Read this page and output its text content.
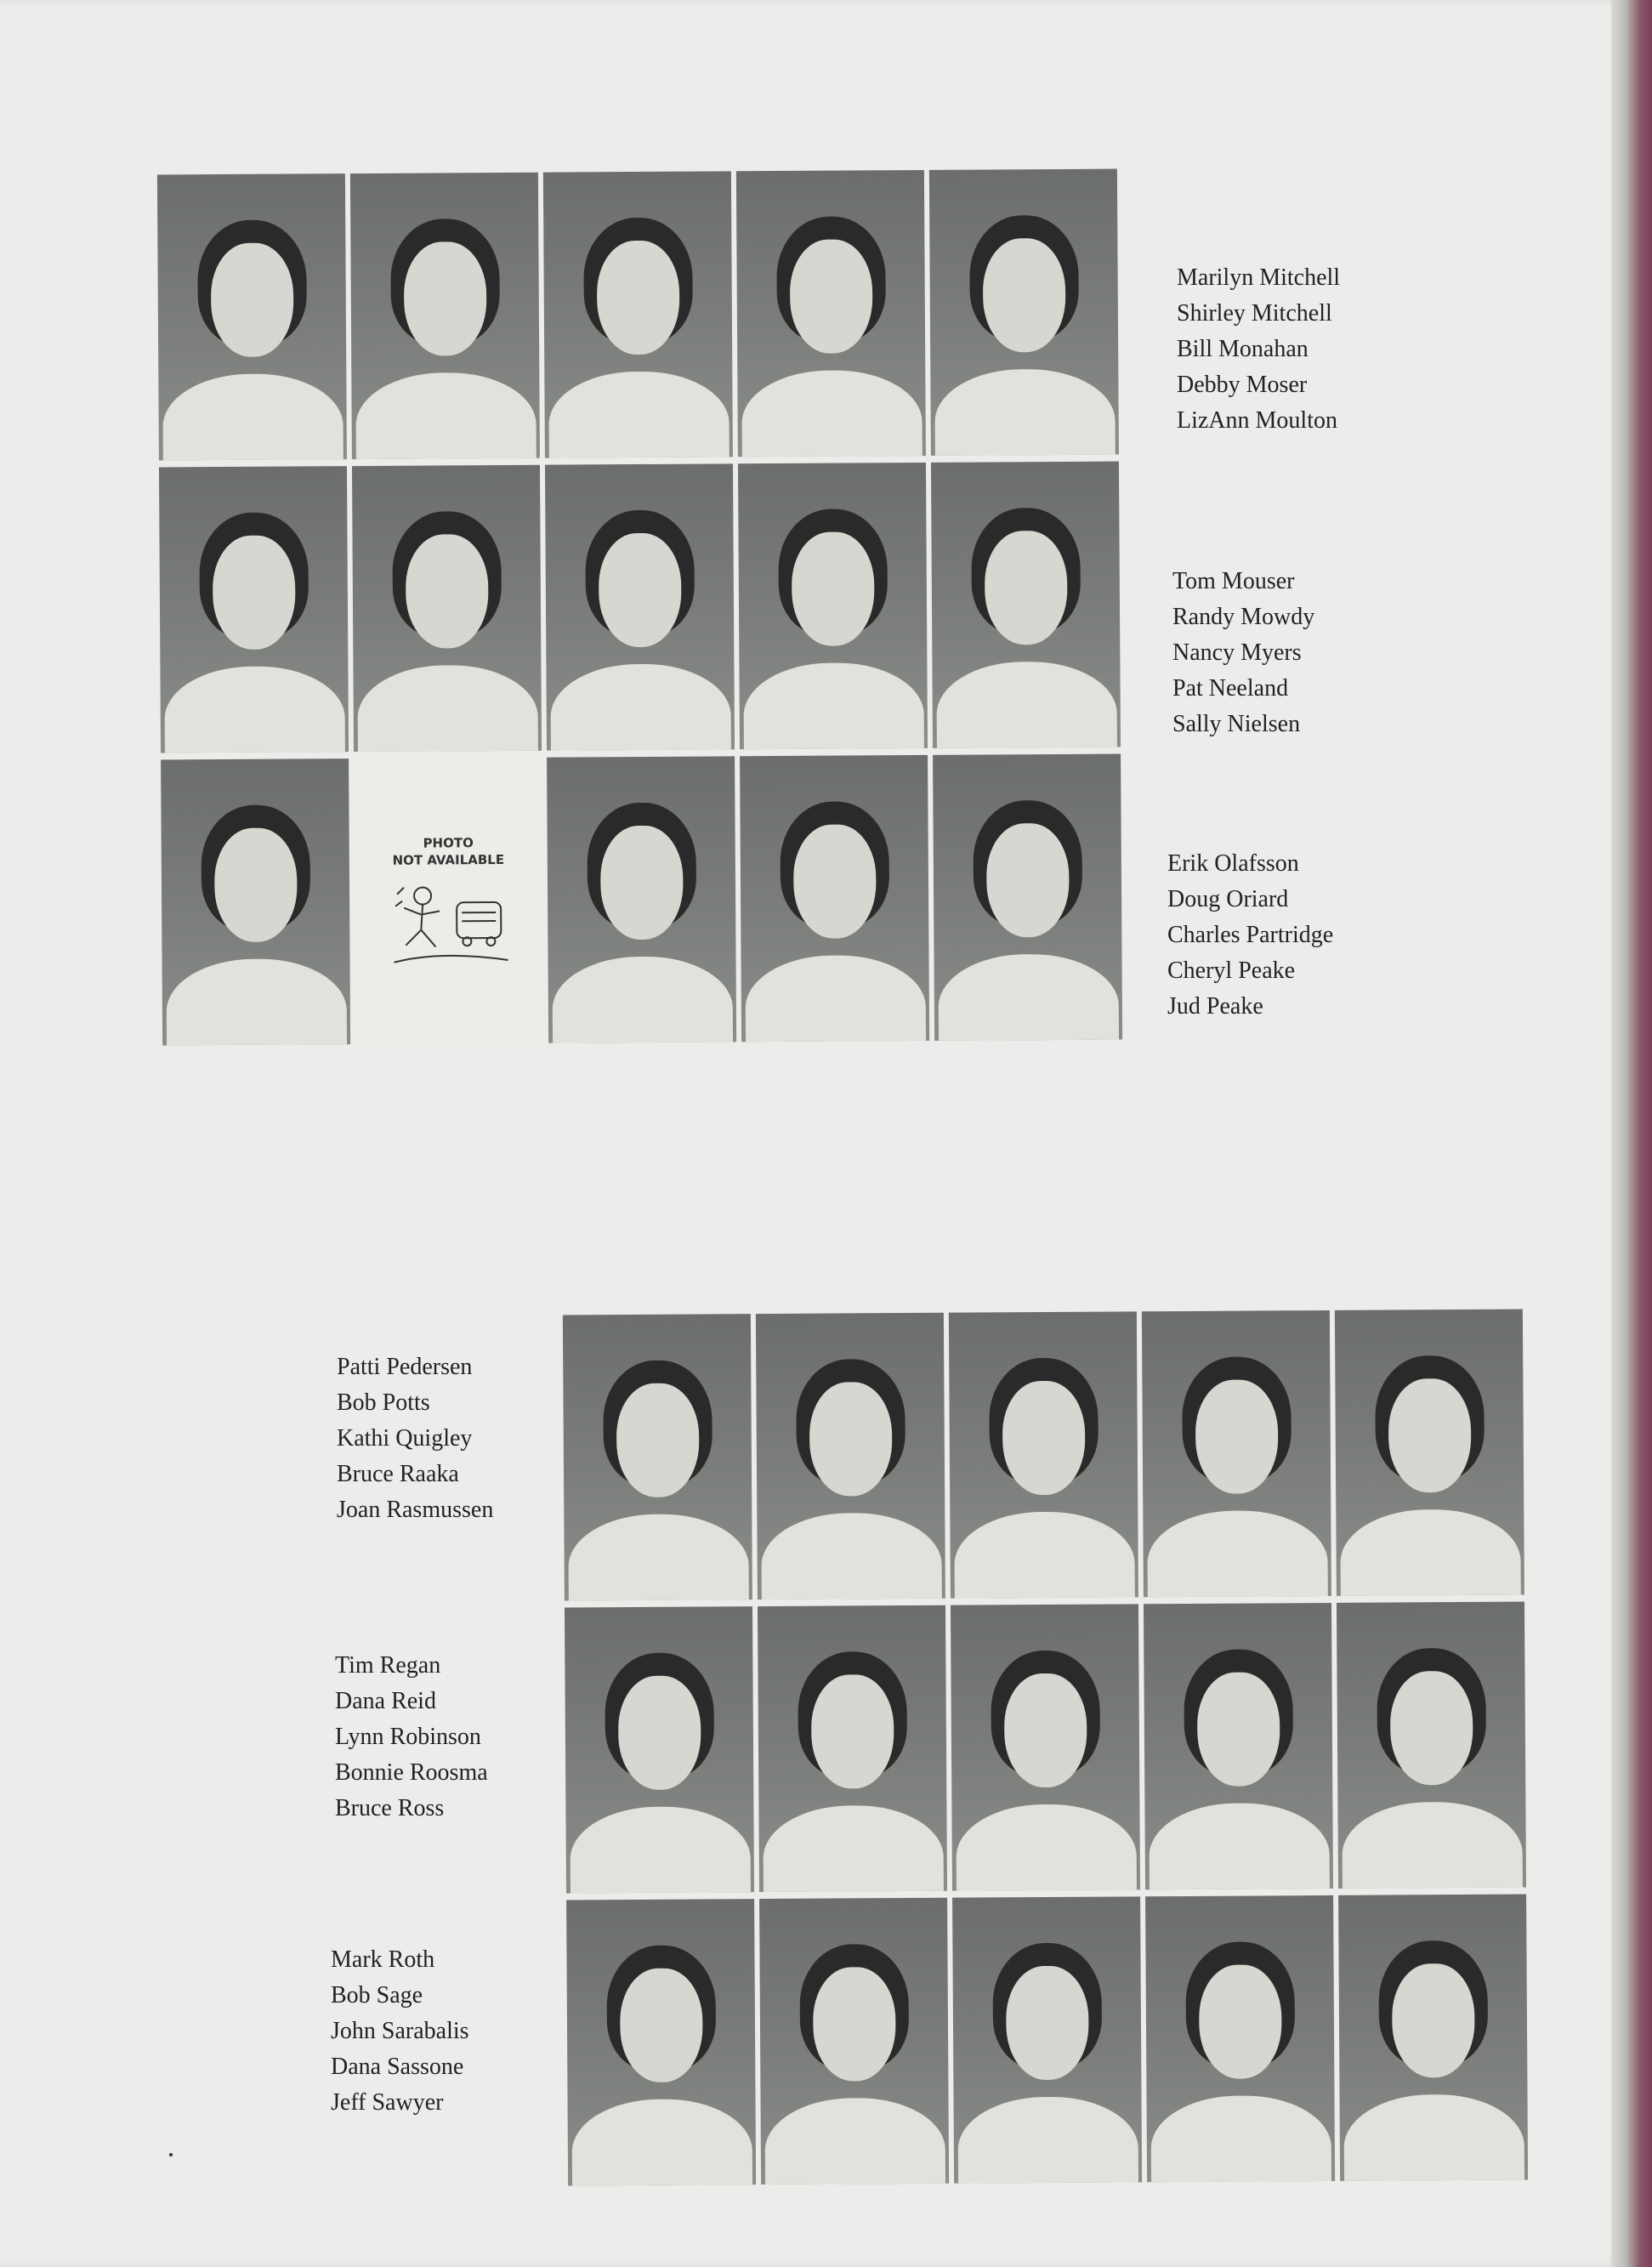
PHOTO
NOT AVAILABLE
Marilyn Mitchell
Shirley Mitchell
Bill Monahan
Debby Moser
LizAnn Moulton
Tom Mouser
Randy Mowdy
Nancy Myers
Pat Neeland
Sally Nielsen
Erik Olafsson
Doug Oriard
Charles Partridge
Cheryl Peake
Jud Peake
Patti Pedersen
Bob Potts
Kathi Quigley
Bruce Raaka
Joan Rasmussen
Tim Regan
Dana Reid
Lynn Robinson
Bonnie Roosma
Bruce Ross
Mark Roth
Bob Sage
John Sarabalis
Dana Sassone
Jeff Sawyer
